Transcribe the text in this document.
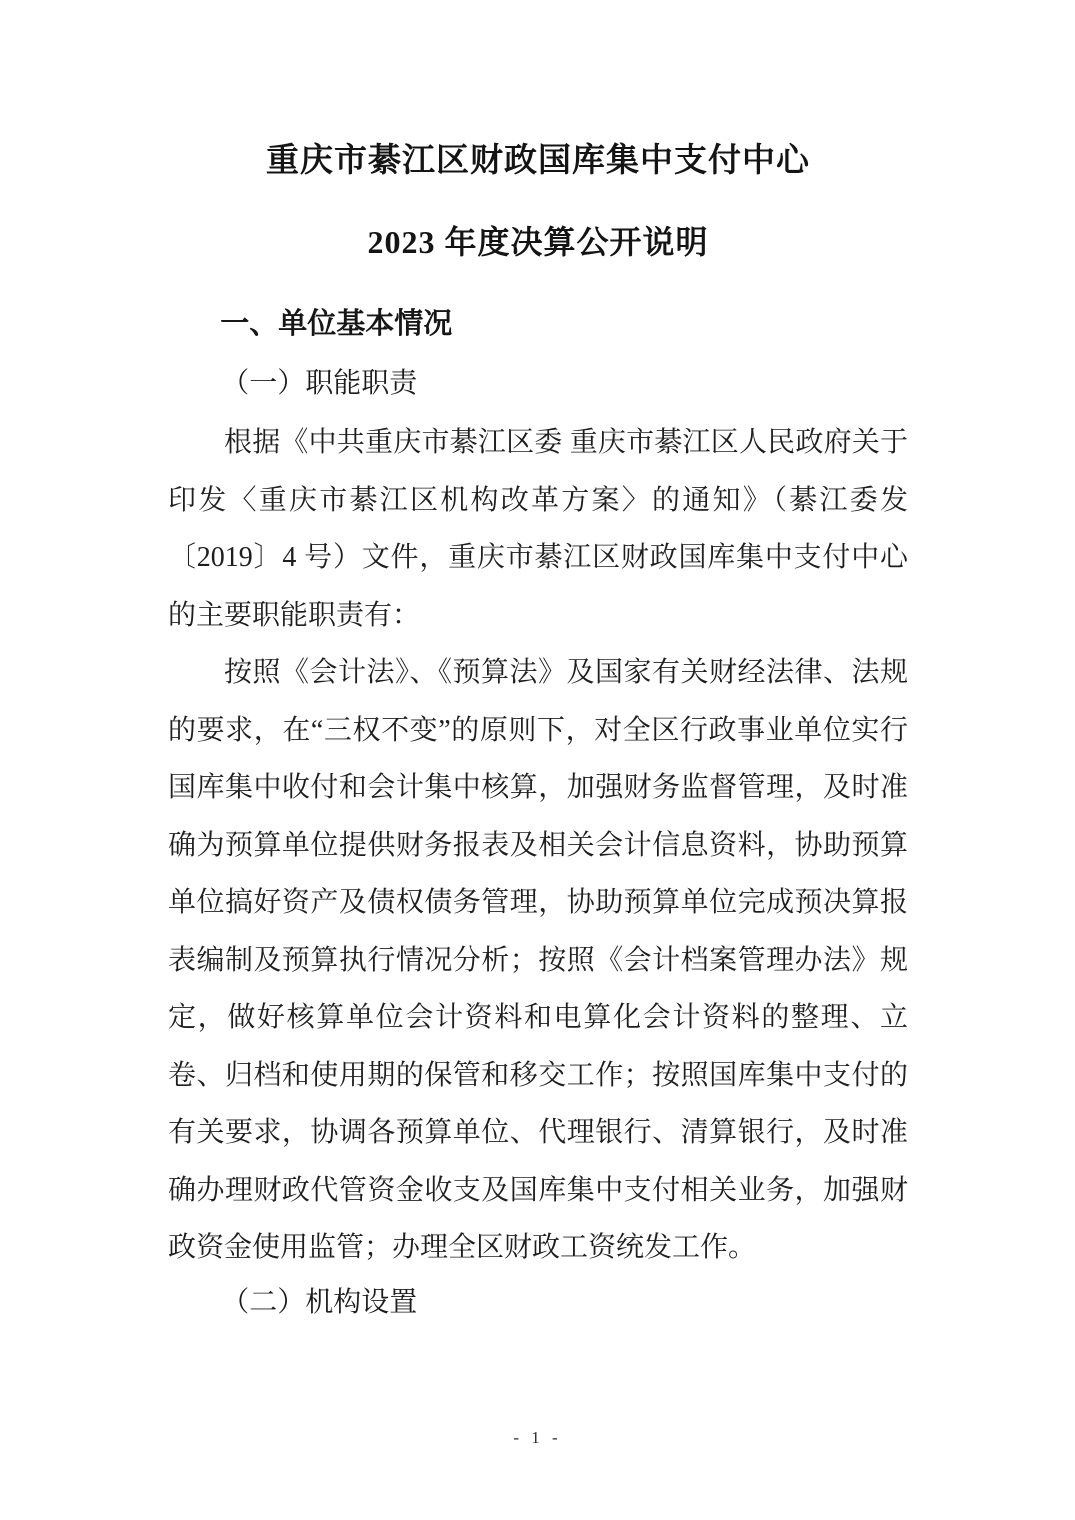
重庆市綦江区财政国库集中支付中心
2023 年度决算公开说明
一、单位基本情况
（一）职能职责

根据《中共重庆市綦江区委 重庆市綦江区人民政府关于印发〈重庆市綦江区机构改革方案〉的通知》（綦江委发〔2019〕4 号）文件，重庆市綦江区财政国库集中支付中心的主要职能职责有：

按照《会计法》、《预算法》及国家有关财经法律、法规的要求，在“三权不变”的原则下，对全区行政事业单位实行国库集中收付和会计集中核算，加强财务监督管理，及时准确为预算单位提供财务报表及相关会计信息资料，协助预算单位搞好资产及债权债务管理，协助预算单位完成预决算报表编制及预算执行情况分析；按照《会计档案管理办法》规定，做好核算单位会计资料和电算化会计资料的整理、立卷、归档和使用期的保管和移交工作；按照国库集中支付的有关要求，协调各预算单位、代理银行、清算银行，及时准确办理财政代管资金收支及国库集中支付相关业务，加强财政资金使用监管；办理全区财政工资统发工作。

（二）机构设置
- 1 -
